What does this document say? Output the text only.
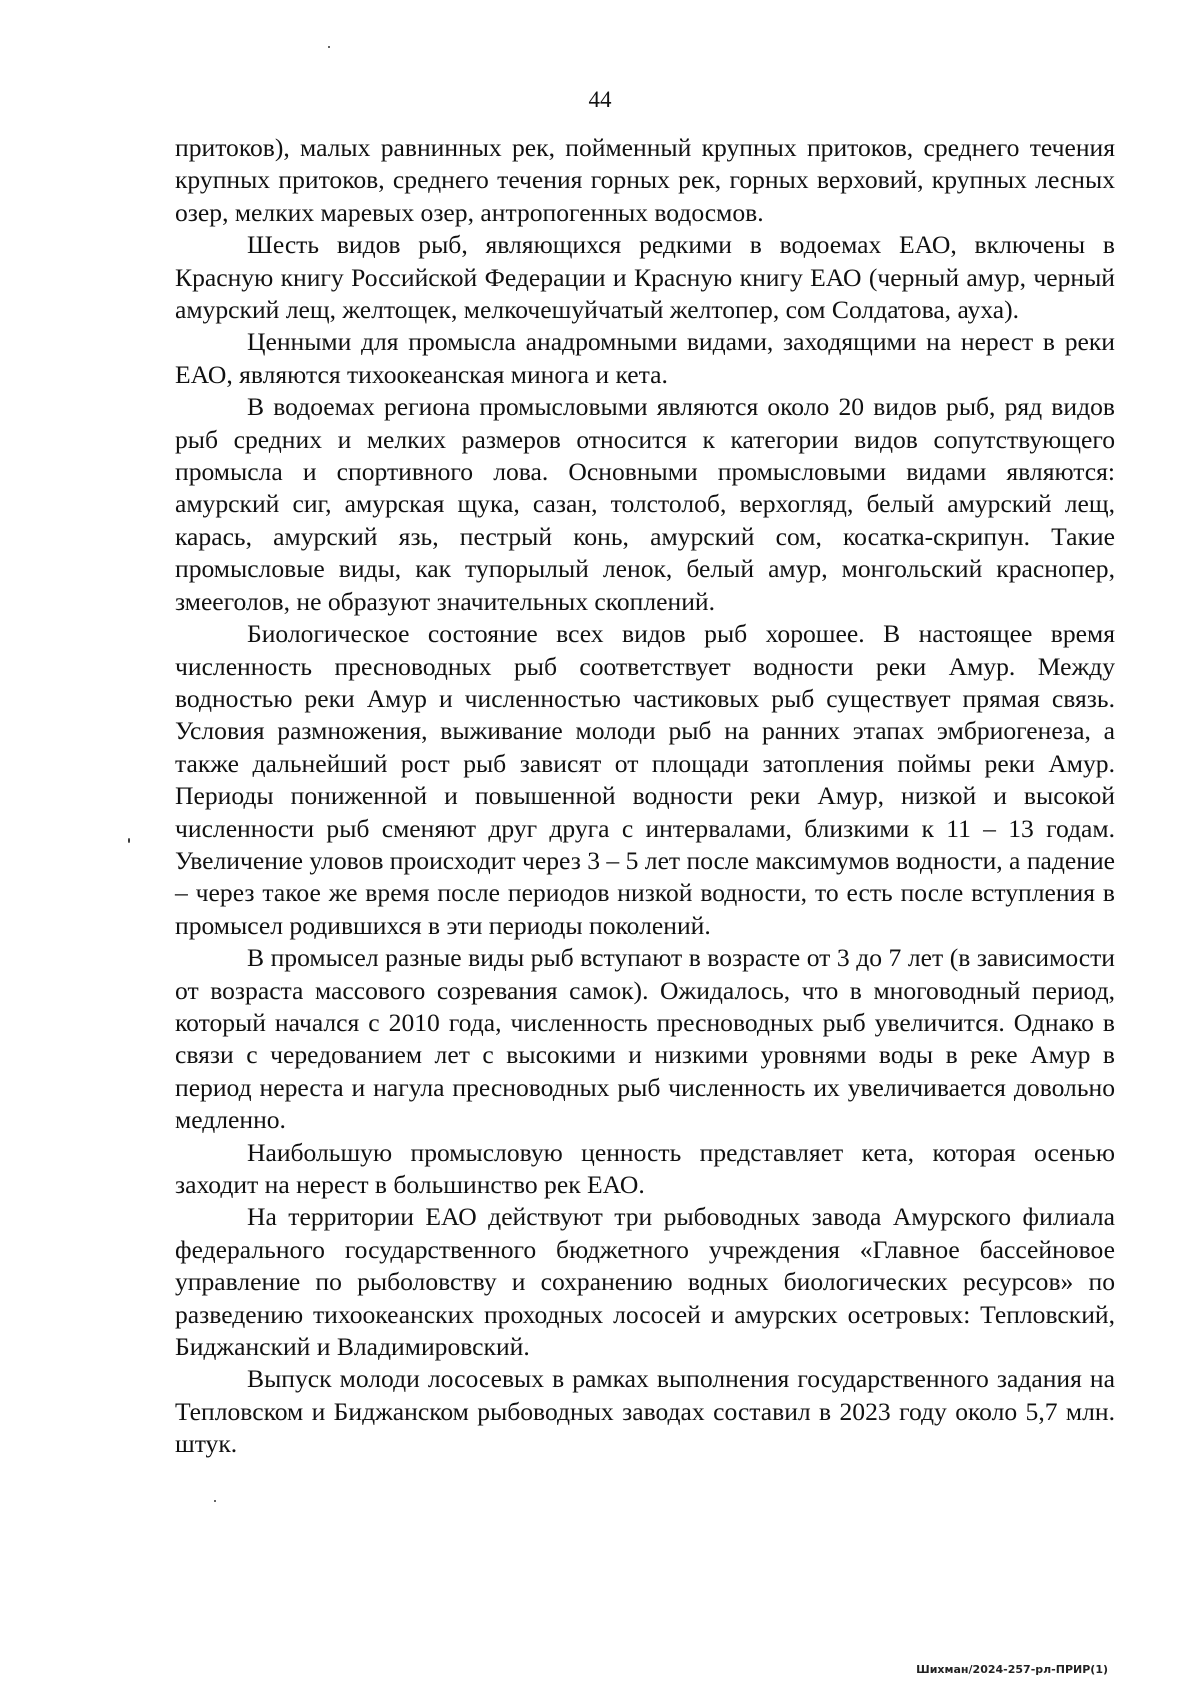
44

притоков), малых равнинных рек, пойменный крупных притоков, среднего течения крупных притоков, среднего течения горных рек, горных верховий, крупных лесных озер, мелких маревых озер, антропогенных водосмов.

Шесть видов рыб, являющихся редкими в водоемах ЕАО, включены в Красную книгу Российской Федерации и Красную книгу ЕАО (черный амур, черный амурский лещ, желтощек, мелкочешуйчатый желтопер, сом Солдатова, ауха).

Ценными для промысла анадромными видами, заходящими на нерест в реки ЕАО, являются тихоокеанская минога и кета.

В водоемах региона промысловыми являются около 20 видов рыб, ряд видов рыб средних и мелких размеров относится к категории видов сопутствующего промысла и спортивного лова. Основными промысловыми видами являются: амурский сиг, амурская щука, сазан, толстолоб, верхогляд, белый амурский лещ, карась, амурский язь, пестрый конь, амурский сом, косатка-скрипун. Такие промысловые виды, как тупорылый ленок, белый амур, монгольский краснопер, змееголов, не образуют значительных скоплений.

Биологическое состояние всех видов рыб хорошее. В настоящее время численность пресноводных рыб соответствует водности реки Амур. Между водностью реки Амур и численностью частиковых рыб существует прямая связь. Условия размножения, выживание молоди рыб на ранних этапах эмбриогенеза, а также дальнейший рост рыб зависят от площади затопления поймы реки Амур. Периоды пониженной и повышенной водности реки Амур, низкой и высокой численности рыб сменяют друг друга с интервалами, близкими к 11 – 13 годам. Увеличение уловов происходит через 3 – 5 лет после максимумов водности, а падение – через такое же время после периодов низкой водности, то есть после вступления в промысел родившихся в эти периоды поколений.

В промысел разные виды рыб вступают в возрасте от 3 до 7 лет (в зависимости от возраста массового созревания самок). Ожидалось, что в многоводный период, который начался с 2010 года, численность пресноводных рыб увеличится. Однако в связи с чередованием лет с высокими и низкими уровнями воды в реке Амур в период нереста и нагула пресноводных рыб численность их увеличивается довольно медленно.

Наибольшую промысловую ценность представляет кета, которая осенью заходит на нерест в большинство рек ЕАО.

На территории ЕАО действуют три рыбоводных завода Амурского филиала федерального государственного бюджетного учреждения «Главное бассейновое управление по рыболовству и сохранению водных биологических ресурсов» по разведению тихоокеанских проходных лососей и амурских осетровых: Тепловский, Биджанский и Владимировский.

Выпуск молоди лососевых в рамках выполнения государственного задания на Тепловском и Биджанском рыбоводных заводах составил в 2023 году около 5,7 млн. штук.

Шихман/2024-257-рл-ПРИР(1)
